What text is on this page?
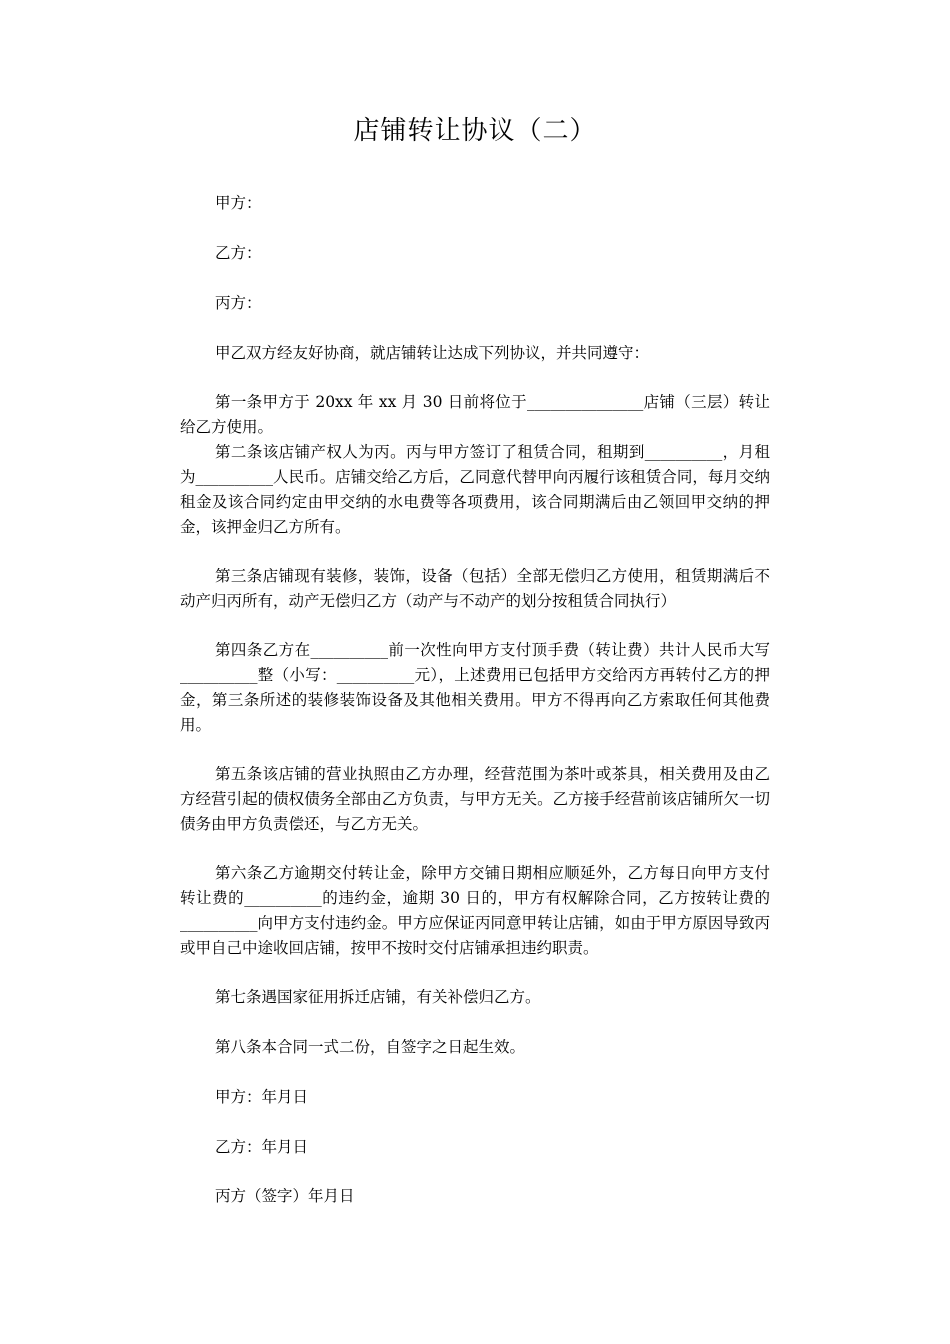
店铺转让协议（二）
甲方：
乙方：
丙方：
甲乙双方经友好协商，就店铺转让达成下列协议，并共同遵守：
第一条甲方于 20xx 年 xx 月 30 日前将位于_______________店铺（三层）转让给乙方使用。
第二条该店铺产权人为丙。丙与甲方签订了租赁合同，租期到__________，月租为__________人民币。店铺交给乙方后，乙同意代替甲向丙履行该租赁合同，每月交纳租金及该合同约定由甲交纳的水电费等各项费用，该合同期满后由乙领回甲交纳的押金，该押金归乙方所有。
第三条店铺现有装修，装饰，设备（包括）全部无偿归乙方使用，租赁期满后不动产归丙所有，动产无偿归乙方（动产与不动产的划分按租赁合同执行）
第四条乙方在__________前一次性向甲方支付顶手费（转让费）共计人民币大写__________整（小写：__________元），上述费用已包括甲方交给丙方再转付乙方的押金，第三条所述的装修装饰设备及其他相关费用。甲方不得再向乙方索取任何其他费用。
第五条该店铺的营业执照由乙方办理，经营范围为茶叶或茶具，相关费用及由乙方经营引起的债权债务全部由乙方负责，与甲方无关。乙方接手经营前该店铺所欠一切债务由甲方负责偿还，与乙方无关。
第六条乙方逾期交付转让金，除甲方交铺日期相应顺延外，乙方每日向甲方支付转让费的__________的违约金，逾期 30 日的，甲方有权解除合同，乙方按转让费的__________向甲方支付违约金。甲方应保证丙同意甲转让店铺，如由于甲方原因导致丙或甲自己中途收回店铺，按甲不按时交付店铺承担违约职责。
第七条遇国家征用拆迁店铺，有关补偿归乙方。
第八条本合同一式二份，自签字之日起生效。
甲方：年月日
乙方：年月日
丙方（签字）年月日
